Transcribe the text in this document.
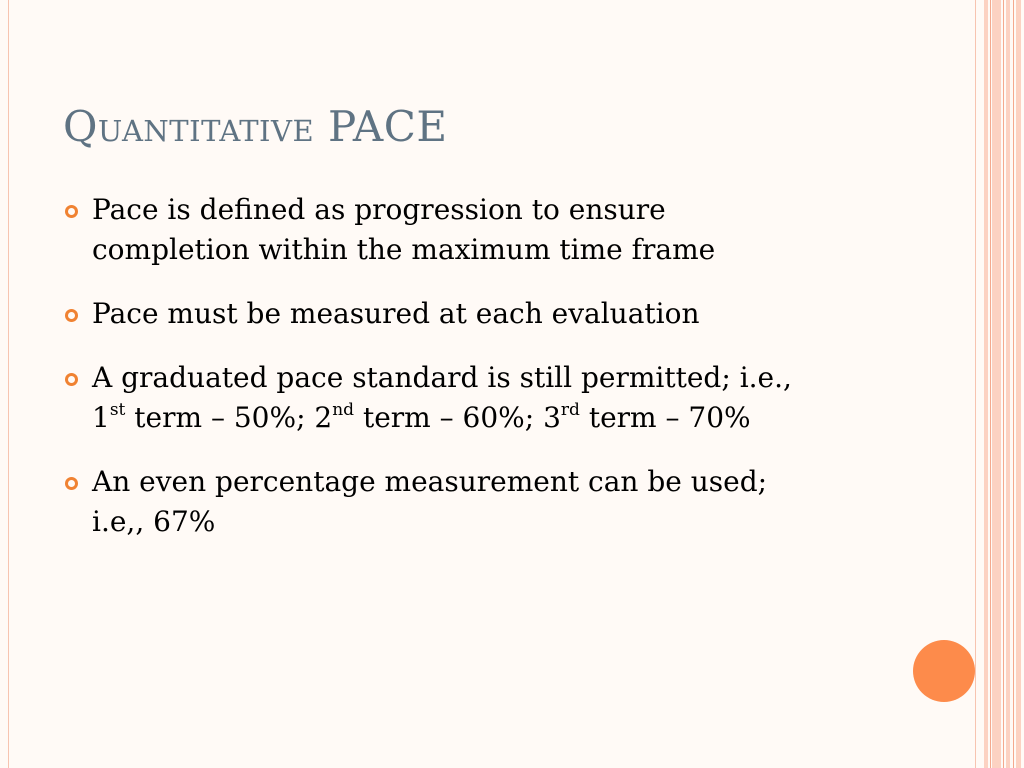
Quantitative PACE
Pace is defined as progression to ensure
completion within the maximum time frame
Pace must be measured at each evaluation
A graduated pace standard is still permitted; i.e.,
1st term – 50%; 2nd term – 60%; 3rd term – 70%
An even percentage measurement can be used;
i.e,, 67%
